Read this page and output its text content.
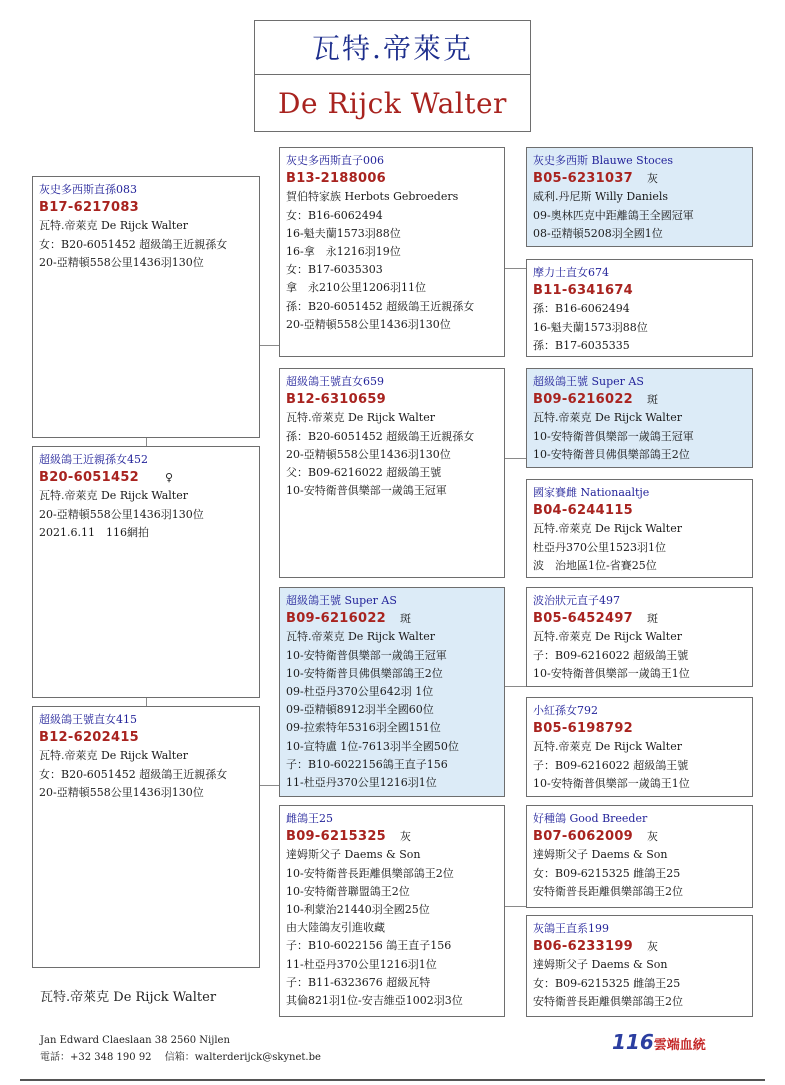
瓦特.帝萊克
De Rijck Walter
灰史多西斯直孫083
B17-6217083
瓦特.帝萊克 De Rijck Walter
女：B20-6051452 超級鴿王近親孫女
20-亞精頓558公里1436羽130位
超級鴿王近親孫女452
B20-6051452 ♀
瓦特.帝萊克 De Rijck Walter
20-亞精頓558公里1436羽130位
2021.6.11　116網拍
超級鴿王號直女415
B12-6202415
瓦特.帝萊克 De Rijck Walter
女：B20-6051452 超級鴿王近親孫女
20-亞精頓558公里1436羽130位
灰史多西斯直子006
B13-2188006
賀伯特家族 Herbots Gebroeders
女：B16-6062494
16-魁夫蘭1573羽88位
16-拿　永1216羽19位
女：B17-6035303
拿　永210公里1206羽11位
孫：B20-6051452 超級鴿王近親孫女
20-亞精頓558公里1436羽130位
超級鴿王號直女659
B12-6310659
瓦特.帝萊克 De Rijck Walter
孫：B20-6051452 超級鴿王近親孫女
20-亞精頓558公里1436羽130位
父：B09-6216022 超級鴿王號
10-安特衛普俱樂部一歲鴿王冠軍
超級鴿王號 Super AS
B09-6216022 斑
瓦特.帝萊克 De Rijck Walter
10-安特衛普俱樂部一歲鴿王冠軍
10-安特衛普貝佛俱樂部鴿王2位
09-杜亞丹370公里642羽 1位
09-亞精頓8912羽半全國60位
09-拉索特年5316羽全國151位
10-宣特盧 1位-7613羽半全國50位
子：B10-6022156鴿王直子156
11-杜亞丹370公里1216羽1位
雌鴿王25
B09-6215325 灰
達姆斯父子 Daems & Son
10-安特衛普長距離俱樂部鴿王2位
10-安特衛普聯盟鴿王2位
10-利蒙治21440羽全國25位
由大陸鴿友引進收藏
子：B10-6022156 鴿王直子156
11-杜亞丹370公里1216羽1位
子：B11-6323676 超級瓦特
其倫821羽1位-安吉維亞1002羽3位
灰史多西斯 Blauwe Stoces
B05-6231037 灰
威利.丹尼斯 Willy Daniels
09-奧林匹克中距離鴿王全國冠軍
08-亞精頓5208羽全國1位
摩力士直女674
B11-6341674
孫：B16-6062494
16-魁夫蘭1573羽88位
孫：B17-6035335
超級鴿王號 Super AS
B09-6216022 斑
瓦特.帝萊克 De Rijck Walter
10-安特衛普俱樂部一歲鴿王冠軍
10-安特衛普貝佛俱樂部鴿王2位
國家賽雌 Nationaaltje
B04-6244115
瓦特.帝萊克 De Rijck Walter
杜亞丹370公里1523羽1位
波　治地區1位-省賽25位
波治狀元直子497
B05-6452497 斑
瓦特.帝萊克 De Rijck Walter
子：B09-6216022 超級鴿王號
10-安特衛普俱樂部一歲鴿王1位
小紅孫女792
B05-6198792
瓦特.帝萊克 De Rijck Walter
子：B09-6216022 超級鴿王號
10-安特衛普俱樂部一歲鴿王1位
好種鴿 Good Breeder
B07-6062009 灰
達姆斯父子 Daems & Son
女：B09-6215325 雌鴿王25
安特衛普長距離俱樂部鴿王2位
灰鴿王直系199
B06-6233199 灰
達姆斯父子 Daems & Son
女：B09-6215325 雌鴿王25
安特衛普長距離俱樂部鴿王2位
瓦特.帝萊克 De Rijck Walter
Jan Edward Claeslaan 38 2560 Nijlen
電話：+32 348 190 92　 信箱：walterderijck@skynet.be
116雲端血統
